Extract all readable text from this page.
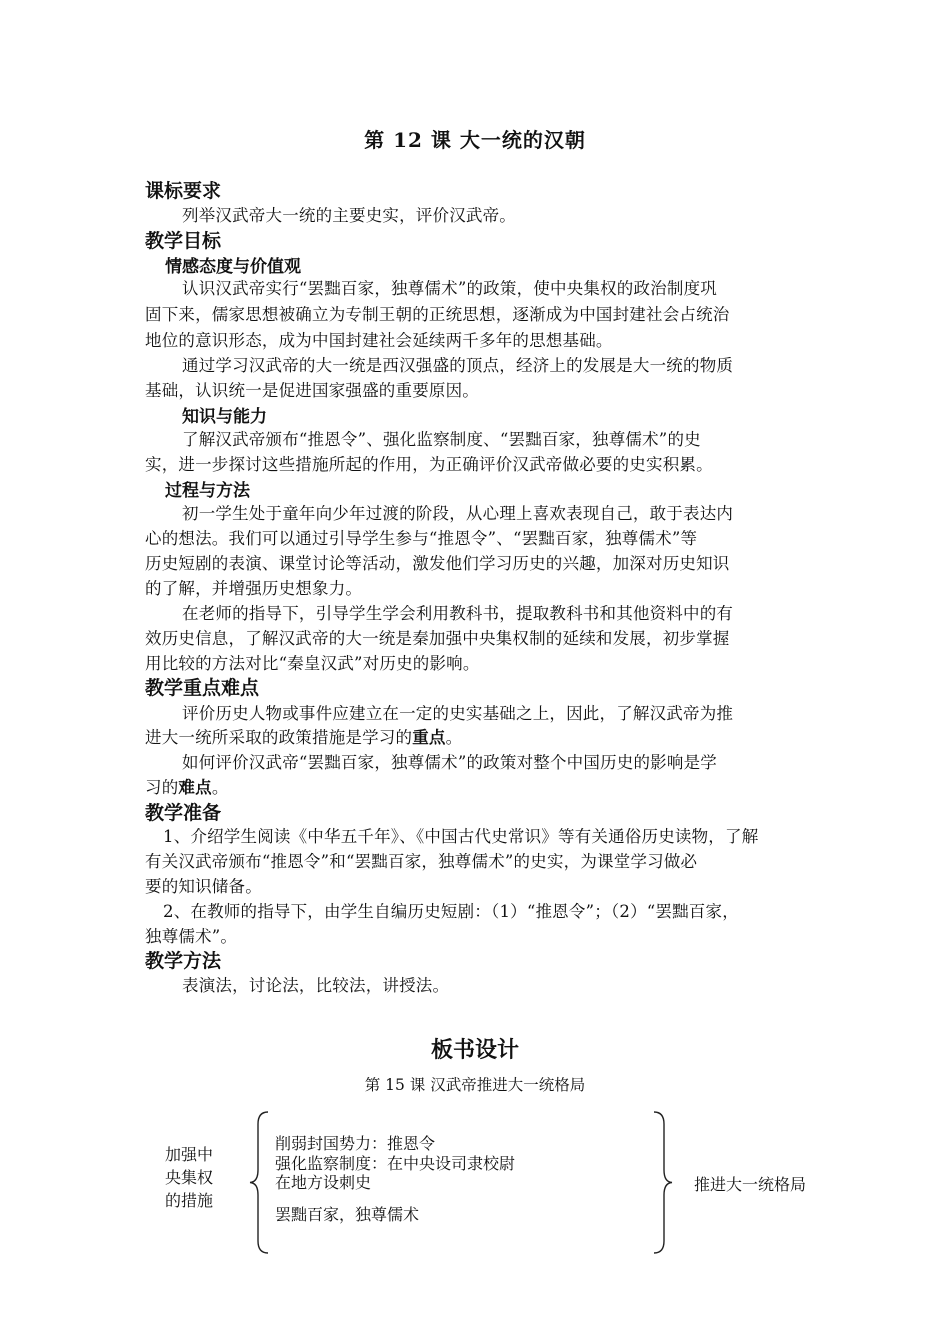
第 12 课 大一统的汉朝
课标要求
列举汉武帝大一统的主要史实，评价汉武帝。
教学目标
情感态度与价值观
认识汉武帝实行“罢黜百家，独尊儒术”的政策，使中央集权的政治制度巩
固下来，儒家思想被确立为专制王朝的正统思想，逐渐成为中国封建社会占统治
地位的意识形态，成为中国封建社会延续两千多年的思想基础。
通过学习汉武帝的大一统是西汉强盛的顶点，经济上的发展是大一统的物质
基础，认识统一是促进国家强盛的重要原因。
知识与能力
了解汉武帝颁布“推恩令”、强化监察制度、“罢黜百家，独尊儒术”的史
实，进一步探讨这些措施所起的作用，为正确评价汉武帝做必要的史实积累。
过程与方法
初一学生处于童年向少年过渡的阶段，从心理上喜欢表现自己，敢于表达内
心的想法。我们可以通过引导学生参与“推恩令”、“罢黜百家，独尊儒术”等
历史短剧的表演、课堂讨论等活动，激发他们学习历史的兴趣，加深对历史知识
的了解，并增强历史想象力。
在老师的指导下，引导学生学会利用教科书，提取教科书和其他资料中的有
效历史信息，了解汉武帝的大一统是秦加强中央集权制的延续和发展，初步掌握
用比较的方法对比“秦皇汉武”对历史的影响。
教学重点难点
评价历史人物或事件应建立在一定的史实基础之上，因此，了解汉武帝为推
进大一统所采取的政策措施是学习的重点。
如何评价汉武帝“罢黜百家，独尊儒术”的政策对整个中国历史的影响是学
习的难点。
教学准备
1、介绍学生阅读《中华五千年》、《中国古代史常识》等有关通俗历史读物，了解
有关汉武帝颁布“推恩令”和“罢黜百家，独尊儒术”的史实，为课堂学习做必
要的知识储备。
2、在教师的指导下，由学生自编历史短剧：（1）“推恩令”；（2）“罢黜百家，
独尊儒术”。
教学方法
表演法，讨论法，比较法，讲授法。
板书设计
第 15 课 汉武帝推进大一统格局
加强中
央集权
的措施
削弱封国势力：推恩令
强化监察制度：在中央设司隶校尉
在地方设刺史
罢黜百家，独尊儒术
推进大一统格局
